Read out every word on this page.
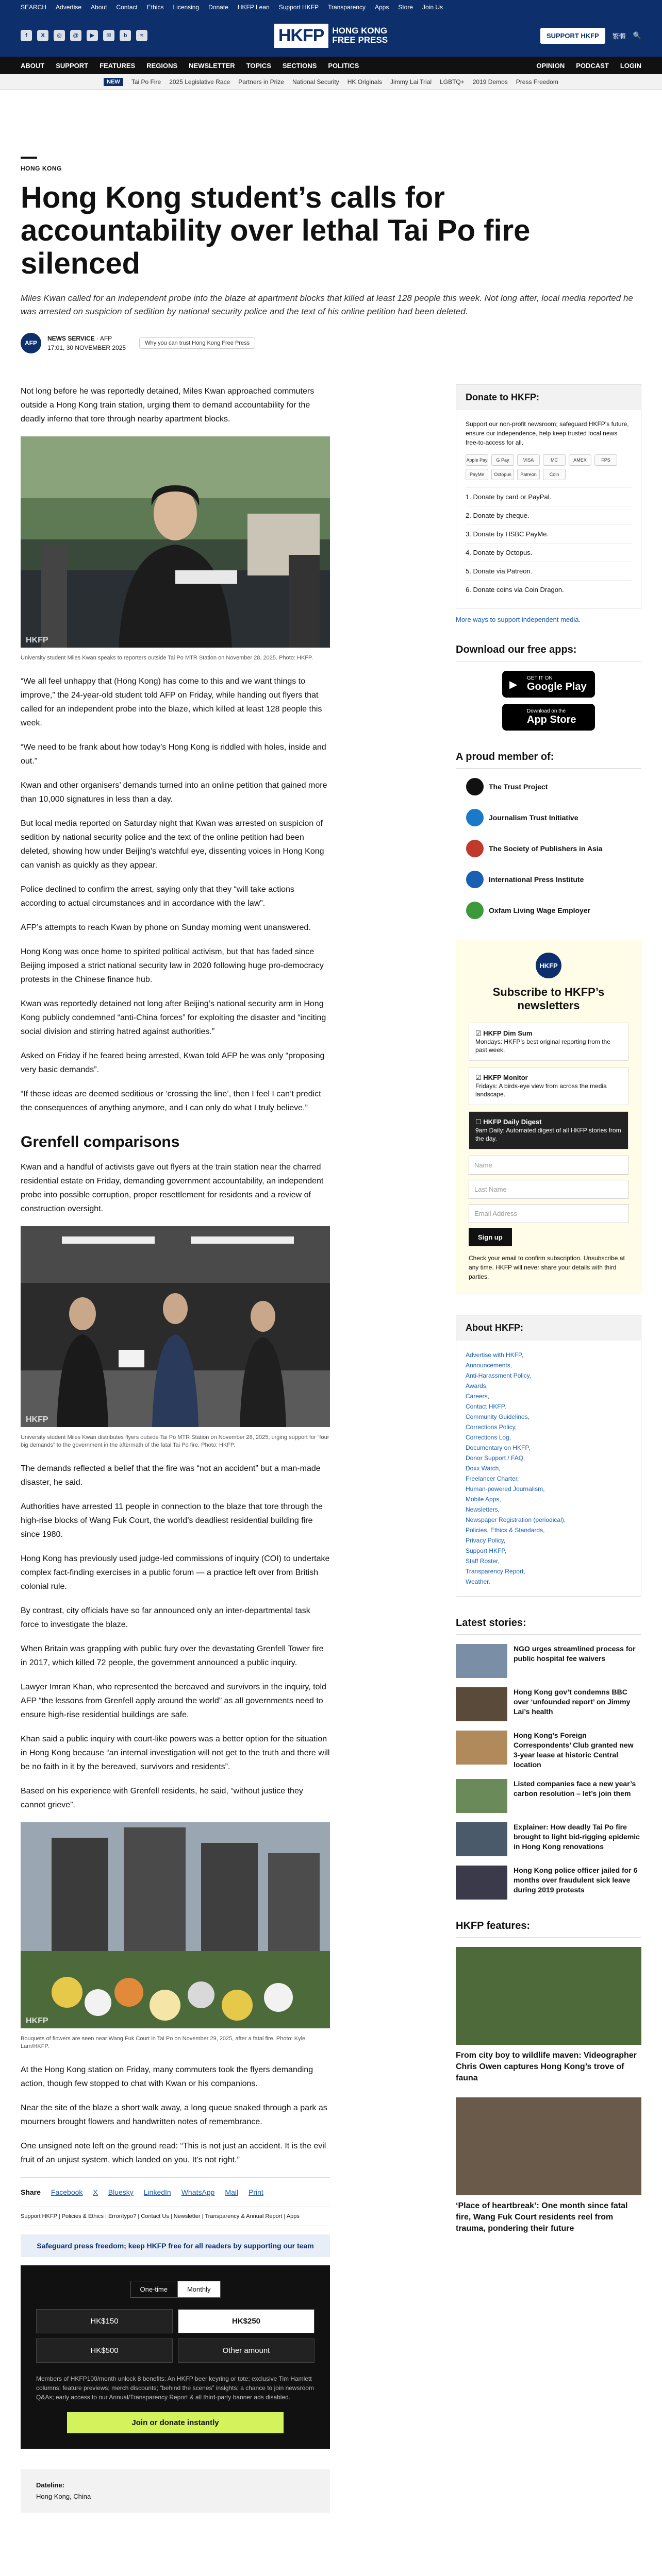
SEARCH Advertise About Contact Ethics Licensing Donate HKFP Lean Support HKFP Transparency Apps Store Join Us
f	X	◎	@	▶	✉	b	≈	HKFP HONG KONG
FREE PRESS	SUPPORT HKFP	繁體 🔍
ABOUT SUPPORT FEATURES REGIONS NEWSLETTER TOPICS SECTIONS POLITICS	OPINION PODCAST LOGIN
NEW	Tai Po Fire 2025 Legislative Race Partners in Prize National Security HK Originals Jimmy Lai Trial LGBTQ+ 2019 Demos Press Freedom
HONG KONG
Hong Kong student’s calls for accountability over lethal Tai Po fire silenced
Miles Kwan called for an independent probe into the blaze at apartment blocks that killed at least 128 people this week. Not long after, local media reported he was arrested on suspicion of sedition by national security police and the text of his online petition had been deleted.
AFP
NEWS SERVICE · AFP
17:01, 30 NOVEMBER 2025
Why you can trust Hong Kong Free Press

Not long before he was reportedly detained, Miles Kwan approached commuters outside a Hong Kong train station, urging them to demand accountability for the deadly inferno that tore through nearby apartment blocks.

HKFP
University student Miles Kwan speaks to reporters outside Tai Po MTR Station on November 28, 2025. Photo: HKFP.

“We all feel unhappy that (Hong Kong) has come to this and we want things to improve,” the 24-year-old student told AFP on Friday, while handing out flyers that called for an independent probe into the blaze, which killed at least 128 people this week.

“We need to be frank about how today’s Hong Kong is riddled with holes, inside and out.”

Kwan and other organisers’ demands turned into an online petition that gained more than 10,000 signatures in less than a day.

But local media reported on Saturday night that Kwan was arrested on suspicion of sedition by national security police and the text of the online petition had been deleted, showing how under Beijing’s watchful eye, dissenting voices in Hong Kong can vanish as quickly as they appear.

Police declined to confirm the arrest, saying only that they “will take actions according to actual circumstances and in accordance with the law”.

AFP’s attempts to reach Kwan by phone on Sunday morning went unanswered.

Hong Kong was once home to spirited political activism, but that has faded since Beijing imposed a strict national security law in 2020 following huge pro-democracy protests in the Chinese finance hub.

Kwan was reportedly detained not long after Beijing’s national security arm in Hong Kong publicly condemned “anti-China forces” for exploiting the disaster and “inciting social division and stirring hatred against authorities.”

Asked on Friday if he feared being arrested, Kwan told AFP he was only “proposing very basic demands”.

“If these ideas are deemed seditious or ‘crossing the line’, then I feel I can’t predict the consequences of anything anymore, and I can only do what I truly believe.”

Grenfell comparisons

Kwan and a handful of activists gave out flyers at the train station near the charred residential estate on Friday, demanding government accountability, an independent probe into possible corruption, proper resettlement for residents and a review of construction oversight.

HKFP
University student Miles Kwan distributes flyers outside Tai Po MTR Station on November 28, 2025, urging support for “four big demands” to the government in the aftermath of the fatal Tai Po fire. Photo: HKFP.

The demands reflected a belief that the fire was “not an accident” but a man-made disaster, he said.

Authorities have arrested 11 people in connection to the blaze that tore through the high-rise blocks of Wang Fuk Court, the world’s deadliest residential building fire since 1980.

Hong Kong has previously used judge-led commissions of inquiry (COI) to undertake complex fact-finding exercises in a public forum — a practice left over from British colonial rule.

By contrast, city officials have so far announced only an inter-departmental task force to investigate the blaze.

When Britain was grappling with public fury over the devastating Grenfell Tower fire in 2017, which killed 72 people, the government announced a public inquiry.

Lawyer Imran Khan, who represented the bereaved and survivors in the inquiry, told AFP “the lessons from Grenfell apply around the world” as all governments need to ensure high-rise residential buildings are safe.

Khan said a public inquiry with court-like powers was a better option for the situation in Hong Kong because “an internal investigation will not get to the truth and there will be no faith in it by the bereaved, survivors and residents”.

Based on his experience with Grenfell residents, he said, “without justice they cannot grieve”.

HKFP
Bouquets of flowers are seen near Wang Fuk Court in Tai Po on November 29, 2025, after a fatal fire. Photo: Kyle Lam/HKFP.

At the Hong Kong station on Friday, many commuters took the flyers demanding action, though few stopped to chat with Kwan or his companions.

Near the site of the blaze a short walk away, a long queue snaked through a park as mourners brought flowers and handwritten notes of remembrance.

One unsigned note left on the ground read: “This is not just an accident. It is the evil fruit of an unjust system, which landed on you. It’s not right.”

Share Facebook X Bluesky LinkedIn WhatsApp Mail Print
Support HKFP | Policies & Ethics | Error/typo? | Contact Us | Newsletter | Transparency & Annual Report | Apps
Safeguard press freedom; keep HKFP free for all readers by supporting our team
One-time	Monthly
HK$150	HK$250
HK$500	Other amount

Members of HKFP100/month unlock 8 benefits: An HKFP beer keyring or tote; exclusive Tim Hamlett columns; feature previews; merch discounts; “behind the scenes” insights; a chance to join newsroom Q&As; early access to our Annual/Transparency Report & all third-party banner ads disabled.

Join or donate instantly
Dateline:
Hong Kong, China
Donate to HKFP:
Support our non-profit newsroom; safeguard HKFP’s future, ensure our independence, help keep trusted local news free-to-access for all.
Apple Pay	G Pay	VISA	MC	AMEX	FPS
PayMe	Octopus	Patreon	Coin
1. Donate by card or PayPal.
2. Donate by cheque.
3. Donate by HSBC PayMe.
4. Donate by Octopus.
5. Donate via Patreon.
6. Donate coins via Coin Dragon.
More ways to support independent media.
Download our free apps:
▶
GET IT ON
Google Play
Download on the
App Store
A proud member of:
The Trust Project
Journalism Trust Initiative
The Society of Publishers in Asia
International Press Institute
Oxfam Living Wage Employer
HKFP
Subscribe to HKFP’s newsletters
☑ HKFP Dim Sum
Mondays: HKFP’s best original reporting from the past week.
☑ HKFP Monitor
Fridays: A birds-eye view from across the media landscape.
☐ HKFP Daily Digest
9am Daily: Automated digest of all HKFP stories from the day.
Name
Last Name
Email Address
Sign up
Check your email to confirm subscription. Unsubscribe at any time. HKFP will never share your details with third parties.
About HKFP:
Advertise with HKFP,
Announcements,
Anti-Harassment Policy,
Awards,
Careers,
Contact HKFP,
Community Guidelines,
Corrections Policy,
Corrections Log,
Documentary on HKFP,
Donor Support / FAQ,
Doxx Watch,
Freelancer Charter,
Human-powered Journalism,
Mobile Apps,
Newsletters,
Newspaper Registration (periodical),
Policies, Ethics & Standards,
Privacy Policy,
Support HKFP,
Staff Roster,
Transparency Report,
Weather.
Latest stories:
NGO urges streamlined process for public hospital fee waivers
Hong Kong gov’t condemns BBC over ‘unfounded report’ on Jimmy Lai’s health
Hong Kong’s Foreign Correspondents’ Club granted new 3-year lease at historic Central location
Listed companies face a new year’s carbon resolution – let’s join them
Explainer: How deadly Tai Po fire brought to light bid-rigging epidemic in Hong Kong renovations
Hong Kong police officer jailed for 6 months over fraudulent sick leave during 2019 protests
HKFP features:
From city boy to wildlife maven: Videographer Chris Owen captures Hong Kong’s trove of fauna
‘Place of heartbreak’: One month since fatal fire, Wang Fuk Court residents reel from trauma, pondering their future
